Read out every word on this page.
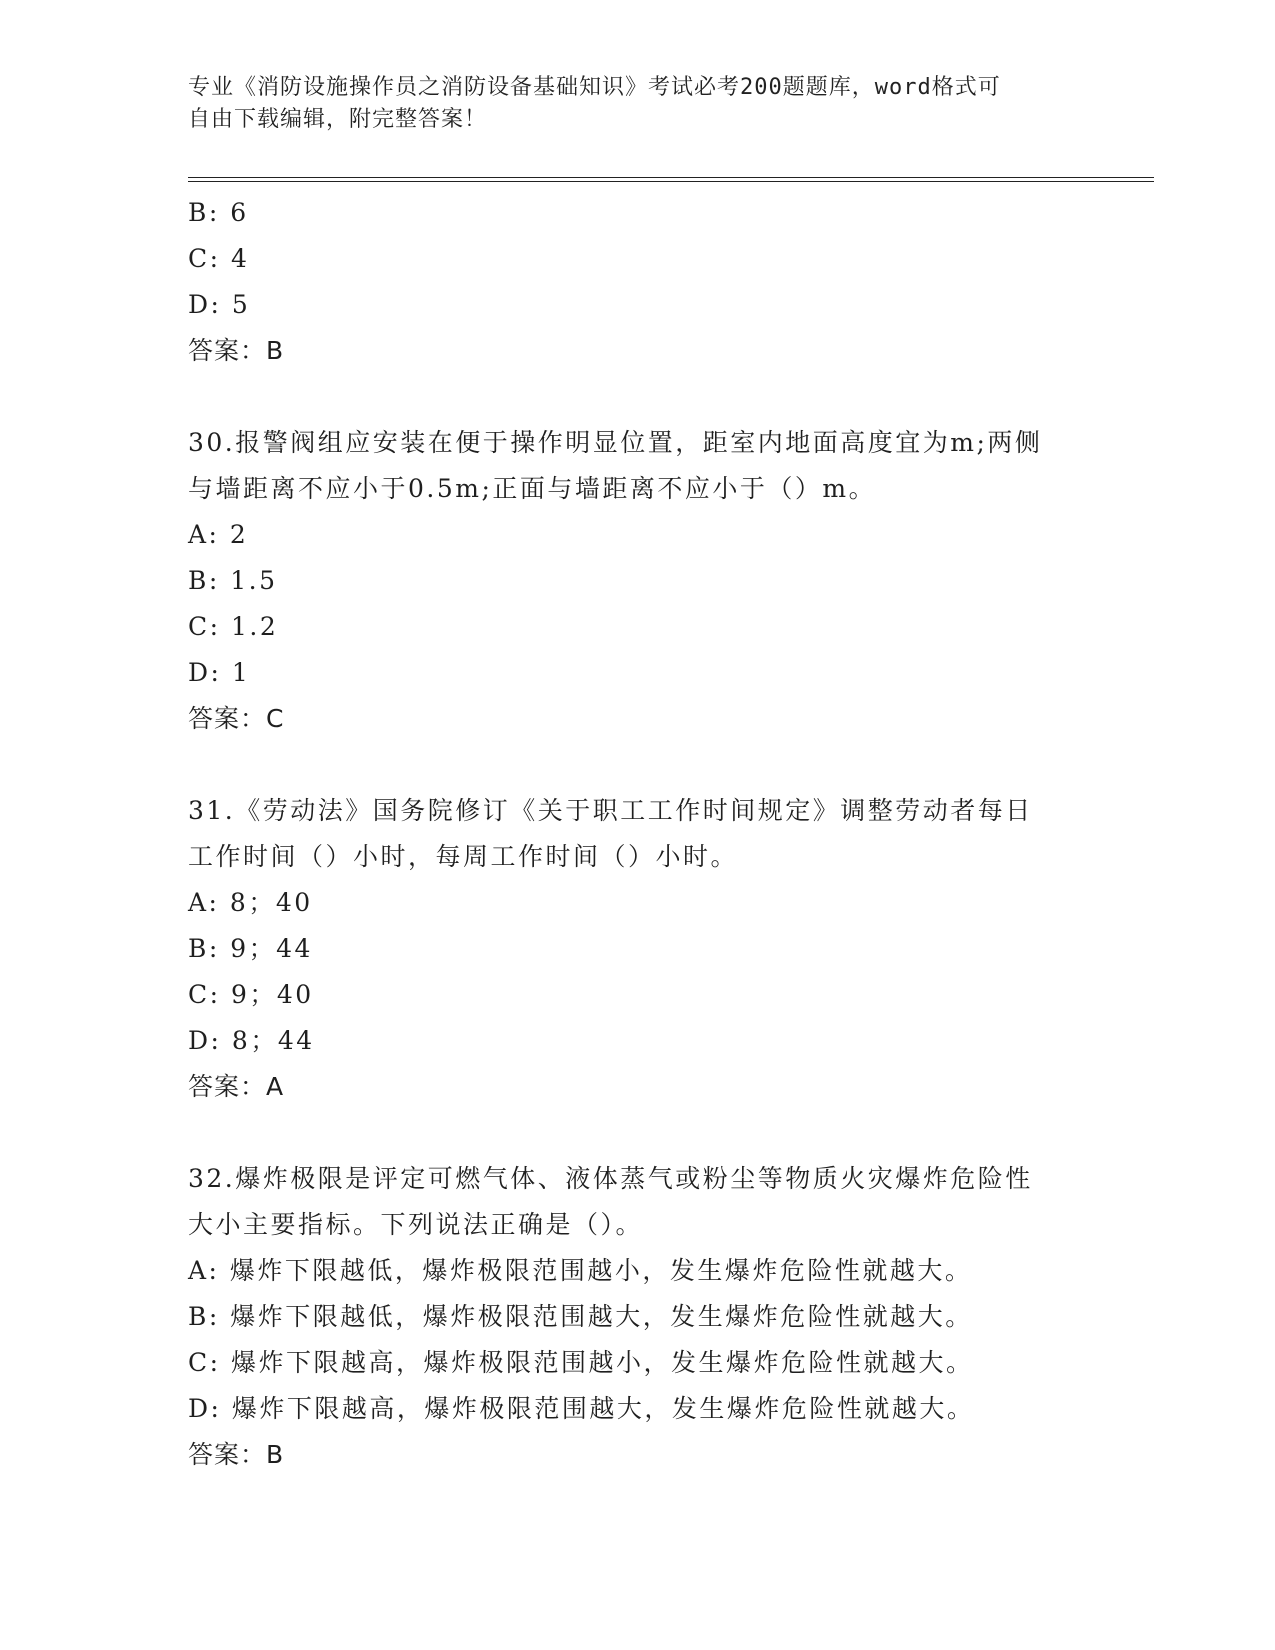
专业《消防设施操作员之消防设备基础知识》考试必考200题题库，word格式可
自由下载编辑，附完整答案！
B: 6
C: 4
D: 5
答案：B
30.报警阀组应安装在便于操作明显位置，距室内地面高度宜为m;两侧
与墙距离不应小于0.5m;正面与墙距离不应小于（）m。
A: 2
B: 1.5
C: 1.2
D: 1
答案：C
31.《劳动法》国务院修订《关于职工工作时间规定》调整劳动者每日
工作时间（）小时，每周工作时间（）小时。
A: 8；40
B: 9；44
C: 9；40
D: 8；44
答案：A
32.爆炸极限是评定可燃气体、液体蒸气或粉尘等物质火灾爆炸危险性
大小主要指标。下列说法正确是（）。
A: 爆炸下限越低，爆炸极限范围越小，发生爆炸危险性就越大。
B: 爆炸下限越低，爆炸极限范围越大，发生爆炸危险性就越大。
C: 爆炸下限越高，爆炸极限范围越小，发生爆炸危险性就越大。
D: 爆炸下限越高，爆炸极限范围越大，发生爆炸危险性就越大。
答案：B
